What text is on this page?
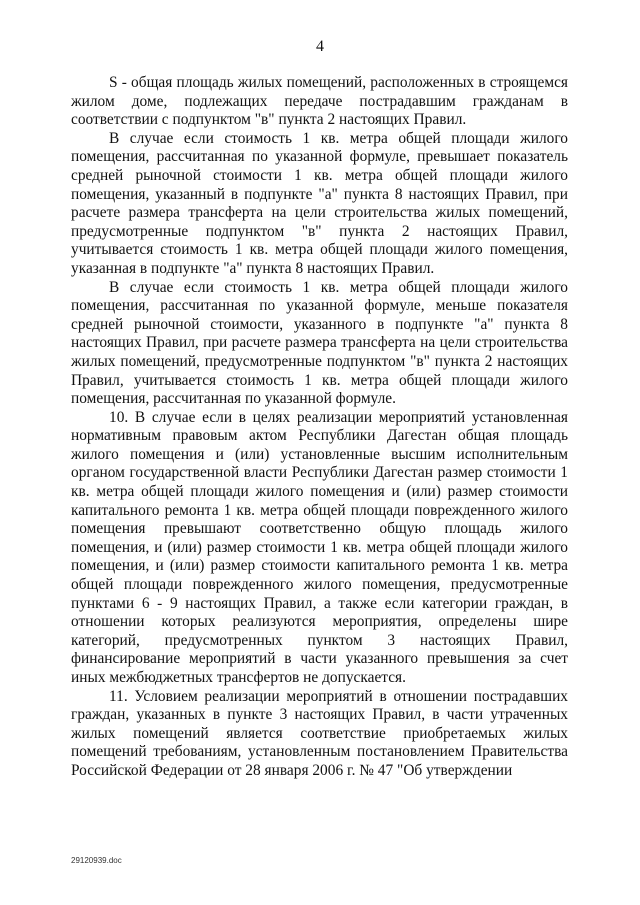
4

S - общая площадь жилых помещений, расположенных в строящемся жилом доме, подлежащих передаче пострадавшим гражданам в соответствии с подпунктом "в" пункта 2 настоящих Правил.

В случае если стоимость 1 кв. метра общей площади жилого помещения, рассчитанная по указанной формуле, превышает показатель средней рыночной стоимости 1 кв. метра общей площади жилого помещения, указанный в подпункте "а" пункта 8 настоящих Правил, при расчете размера трансферта на цели строительства жилых помещений, предусмотренные подпунктом "в" пункта 2 настоящих Правил, учитывается стоимость 1 кв. метра общей площади жилого помещения, указанная в подпункте "а" пункта 8 настоящих Правил.

В случае если стоимость 1 кв. метра общей площади жилого помещения, рассчитанная по указанной формуле, меньше показателя средней рыночной стоимости, указанного в подпункте "а" пункта 8 настоящих Правил, при расчете размера трансферта на цели строительства жилых помещений, предусмотренные подпунктом "в" пункта 2 настоящих Правил, учитывается стоимость 1 кв. метра общей площади жилого помещения, рассчитанная по указанной формуле.

10. В случае если в целях реализации мероприятий установленная нормативным правовым актом Республики Дагестан общая площадь жилого помещения и (или) установленные высшим исполнительным органом государственной власти Республики Дагестан размер стоимости 1 кв. метра общей площади жилого помещения и (или) размер стоимости капитального ремонта 1 кв. метра общей площади поврежденного жилого помещения превышают соответственно общую площадь жилого помещения, и (или) размер стоимости 1 кв. метра общей площади жилого помещения, и (или) размер стоимости капитального ремонта 1 кв. метра общей площади поврежденного жилого помещения, предусмотренные пунктами 6 - 9 настоящих Правил, а также если категории граждан, в отношении которых реализуются мероприятия, определены шире категорий, предусмотренных пунктом 3 настоящих Правил, финансирование мероприятий в части указанного превышения за счет иных межбюджетных трансфертов не допускается.

11. Условием реализации мероприятий в отношении пострадавших граждан, указанных в пункте 3 настоящих Правил, в части утраченных жилых помещений является соответствие приобретаемых жилых помещений требованиям, установленным постановлением Правительства Российской Федерации от 28 января 2006 г. № 47 "Об утверждении

29120939.doc
